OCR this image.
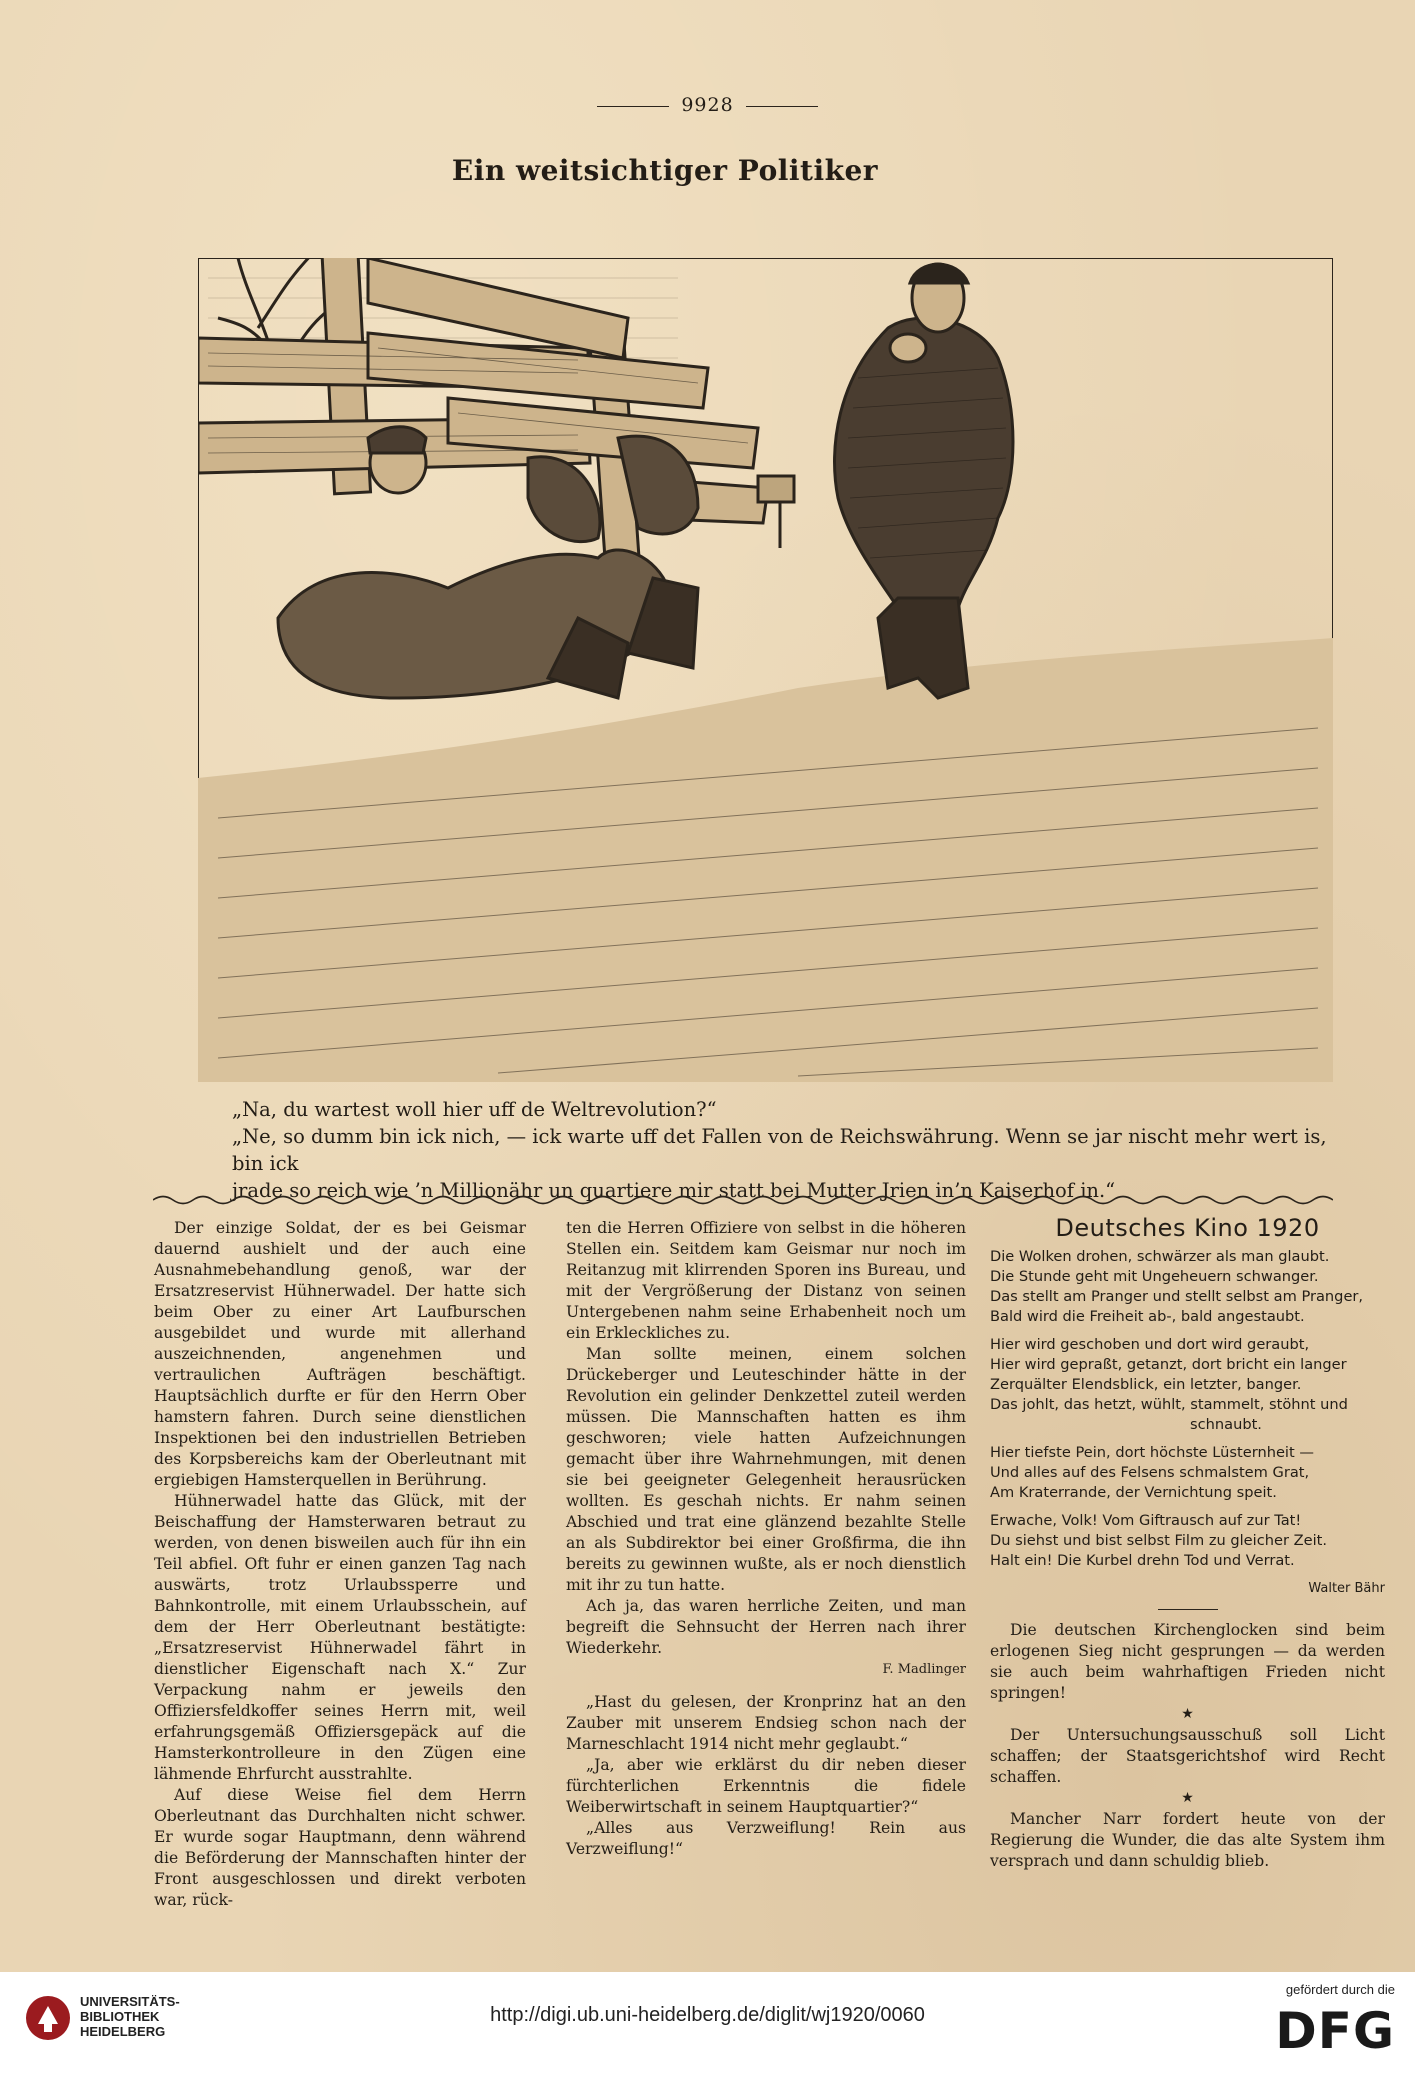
9928
Ein weitsichtiger Politiker

„Na, du wartest woll hier uff de Weltrevolution?“

„Ne, so dumm bin ick nich, — ick warte uff det Fallen von de Reichswährung. Wenn se jar nischt mehr wert is, bin ick

jrade so reich wie ’n Millionähr un quartiere mir statt bei Mutter Jrien in’n Kaiserhof in.“

Der einzige Soldat, der es bei Geismar dauernd aushielt und der auch eine Ausnahmebehandlung genoß, war der Ersatzreservist Hühnerwadel. Der hatte sich beim Ober zu einer Art Laufburschen ausgebildet und wurde mit allerhand auszeichnenden, angenehmen und vertraulichen Aufträgen beschäftigt. Hauptsächlich durfte er für den Herrn Ober hamstern fahren. Durch seine dienstlichen Inspektionen bei den industriellen Betrieben des Korpsbereichs kam der Oberleutnant mit ergiebigen Hamsterquellen in Berührung.

Hühnerwadel hatte das Glück, mit der Beischaffung der Hamsterwaren betraut zu werden, von denen bisweilen auch für ihn ein Teil abfiel. Oft fuhr er einen ganzen Tag nach auswärts, trotz Urlaubssperre und Bahnkontrolle, mit einem Urlaubsschein, auf dem der Herr Oberleutnant bestätigte: „Ersatzreservist Hühnerwadel fährt in dienstlicher Eigenschaft nach X.“ Zur Verpackung nahm er jeweils den Offiziersfeldkoffer seines Herrn mit, weil erfahrungsgemäß Offiziersgepäck auf die Hamsterkontrolleure in den Zügen eine lähmende Ehrfurcht ausstrahlte.

Auf diese Weise fiel dem Herrn Oberleutnant das Durchhalten nicht schwer. Er wurde sogar Hauptmann, denn während die Beförderung der Mannschaften hinter der Front ausgeschlossen und direkt verboten war, rück-

ten die Herren Offiziere von selbst in die höheren Stellen ein. Seitdem kam Geismar nur noch im Reitanzug mit klirrenden Sporen ins Bureau, und mit der Vergrößerung der Distanz von seinen Untergebenen nahm seine Erhabenheit noch um ein Erkleckliches zu.

Man sollte meinen, einem solchen Drückeberger und Leuteschinder hätte in der Revolution ein gelinder Denkzettel zuteil werden müssen. Die Mannschaften hatten es ihm geschworen; viele hatten Aufzeichnungen gemacht über ihre Wahrnehmungen, mit denen sie bei geeigneter Gelegenheit herausrücken wollten. Es geschah nichts. Er nahm seinen Abschied und trat eine glänzend bezahlte Stelle an als Subdirektor bei einer Großfirma, die ihn bereits zu gewinnen wußte, als er noch dienstlich mit ihr zu tun hatte.

Ach ja, das waren herrliche Zeiten, und man begreift die Sehnsucht der Herren nach ihrer Wiederkehr.

F. Madlinger

„Hast du gelesen, der Kronprinz hat an den Zauber mit unserem Endsieg schon nach der Marneschlacht 1914 nicht mehr geglaubt.“

„Ja, aber wie erklärst du dir neben dieser fürchterlichen Erkenntnis die fidele Weiberwirtschaft in seinem Hauptquartier?“

„Alles aus Verzweiflung! Rein aus Verzweiflung!“

Deutsches Kino 1920
Die Wolken drohen, schwärzer als man glaubt.
Die Stunde geht mit Ungeheuern schwanger.
Das stellt am Pranger und stellt selbst am Pranger,
Bald wird die Freiheit ab-, bald angestaubt.
Hier wird geschoben und dort wird geraubt,
Hier wird gepraßt, getanzt, dort bricht ein langer
Zerquälter Elendsblick, ein letzter, banger.
Das johlt, das hetzt, wühlt, stammelt, stöhnt und
schnaubt.
Hier tiefste Pein, dort höchste Lüsternheit —
Und alles auf des Felsens schmalstem Grat,
Am Kraterrande, der Vernichtung speit.
Erwache, Volk! Vom Giftrausch auf zur Tat!
Du siehst und bist selbst Film zu gleicher Zeit.
Halt ein! Die Kurbel drehn Tod und Verrat.
Walter Bähr

Die deutschen Kirchenglocken sind beim erlogenen Sieg nicht gesprungen — da werden sie auch beim wahrhaftigen Frieden nicht springen!

★

Der Untersuchungsausschuß soll Licht schaffen; der Staatsgerichtshof wird Recht schaffen.

★

Mancher Narr fordert heute von der Regierung die Wunder, die das alte System ihm versprach und dann schuldig blieb.

UNIVERSITÄTS-
BIBLIOTHEK
HEIDELBERG
http://digi.ub.uni-heidelberg.de/diglit/wj1920/0060
gefördert durch die
DFG
